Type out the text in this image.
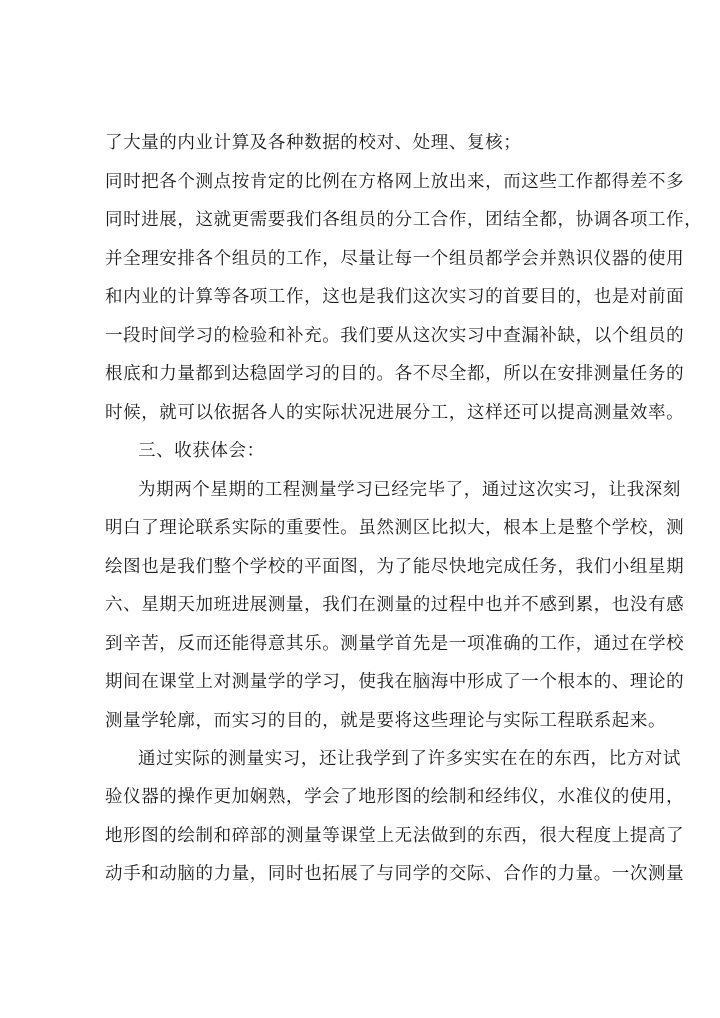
了大量的内业计算及各种数据的校对、处理、复核；
同时把各个测点按肯定的比例在方格网上放出来，而这些工作都得差不多
同时进展，这就更需要我们各组员的分工合作，团结全都，协调各项工作，
并全理安排各个组员的工作，尽量让每一个组员都学会并熟识仪器的使用
和内业的计算等各项工作，这也是我们这次实习的首要目的，也是对前面
一段时间学习的检验和补充。我们要从这次实习中查漏补缺，以个组员的
根底和力量都到达稳固学习的目的。各不尽全都，所以在安排测量任务的
时候，就可以依据各人的实际状况进展分工，这样还可以提高测量效率。
三、收获体会：
为期两个星期的工程测量学习已经完毕了，通过这次实习，让我深刻
明白了理论联系实际的重要性。虽然测区比拟大，根本上是整个学校，测
绘图也是我们整个学校的平面图，为了能尽快地完成任务，我们小组星期
六、星期天加班进展测量，我们在测量的过程中也并不感到累，也没有感
到辛苦，反而还能得意其乐。测量学首先是一项准确的工作，通过在学校
期间在课堂上对测量学的学习，使我在脑海中形成了一个根本的、理论的
测量学轮廓，而实习的目的，就是要将这些理论与实际工程联系起来。
通过实际的测量实习，还让我学到了许多实实在在的东西，比方对试
验仪器的操作更加娴熟，学会了地形图的绘制和经纬仪，水准仪的使用，
地形图的绘制和碎部的测量等课堂上无法做到的东西，很大程度上提高了
动手和动脑的力量，同时也拓展了与同学的交际、合作的力量。一次测量
